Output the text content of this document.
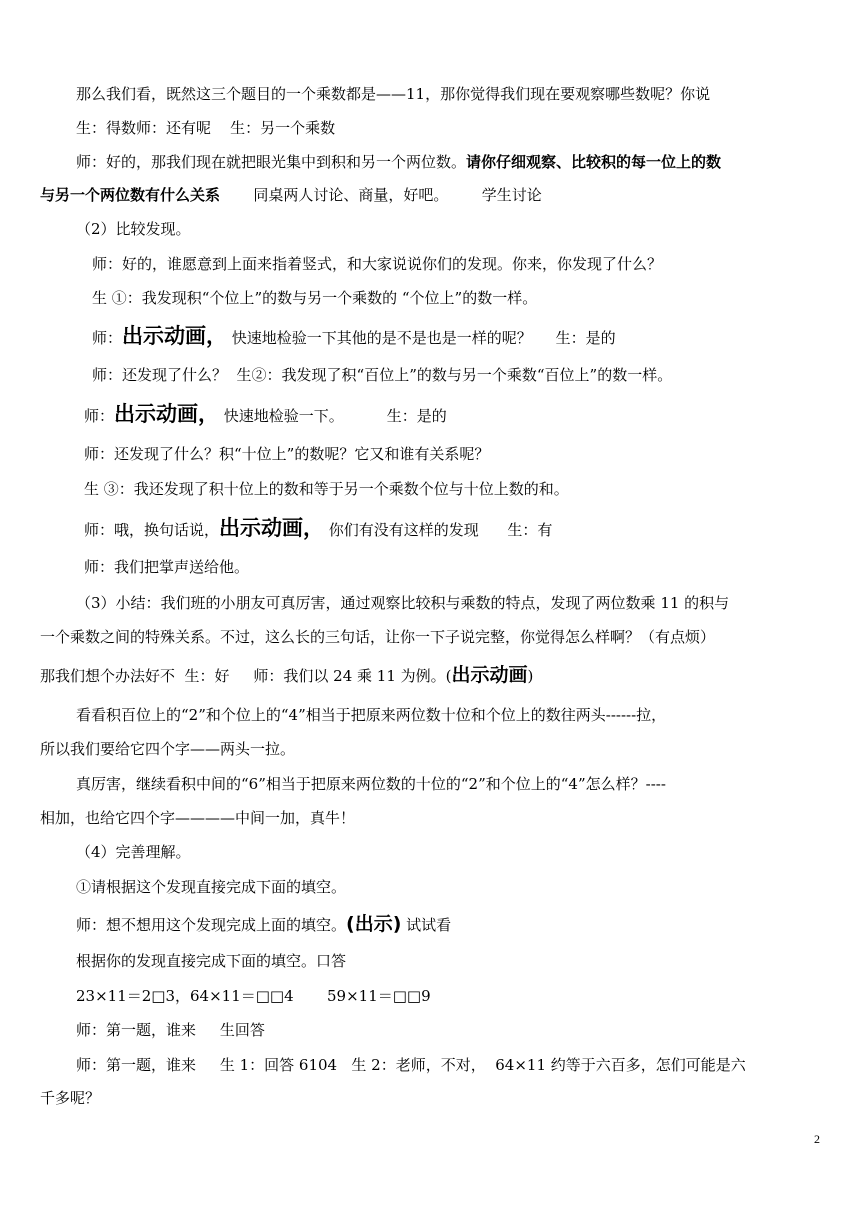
那么我们看，既然这三个题目的一个乘数都是——11，那你觉得我们现在要观察哪些数呢？你说
生：得数师：还有呢    生：另一个乘数
师：好的，那我们现在就把眼光集中到积和另一个两位数。请你仔细观察、比较积的每一位上的数
与另一个两位数有什么关系       同桌两人讨论、商量，好吧。       学生讨论
（2）比较发现。
师：好的，谁愿意到上面来指着竖式，和大家说说你们的发现。你来，你发现了什么？
生 ①：我发现积“个位上”的数与另一个乘数的 “个位上”的数一样。
师：出示动画， 快速地检验一下其他的是不是也是一样的呢？     生：是的
师：还发现了什么？  生②：我发现了积“百位上”的数与另一个乘数“百位上”的数一样。
师：出示动画， 快速地检验一下。         生：是的
师：还发现了什么？积“十位上”的数呢？它又和谁有关系呢？
生 ③：我还发现了积十位上的数和等于另一个乘数个位与十位上数的和。
师：哦，换句话说，出示动画， 你们有没有这样的发现      生：有
师：我们把掌声送给他。
（3）小结：我们班的小朋友可真厉害，通过观察比较积与乘数的特点，发现了两位数乘 11 的积与
一个乘数之间的特殊关系。不过，这么长的三句话，让你一下子说完整，你觉得怎么样啊？（有点烦）
那我们想个办法好不  生：好     师：我们以 24 乘 11 为例。(出示动画)
看看积百位上的“2”和个位上的“4”相当于把原来两位数十位和个位上的数往两头------拉，
所以我们要给它四个字——两头一拉。
真厉害，继续看积中间的“6”相当于把原来两位数的十位的“2”和个位上的“4”怎么样？----
相加，也给它四个字————中间一加，真牛！
（4）完善理解。
①请根据这个发现直接完成下面的填空。
师：想不想用这个发现完成上面的填空。(出示) 试试看
根据你的发现直接完成下面的填空。口答
23×11＝2□3，64×11＝□□4       59×11＝□□9
师：第一题，谁来     生回答
师：第一题，谁来     生 1：回答 6104   生 2：老师，不对，  64×11 约等于六百多，怎们可能是六
千多呢？
2
